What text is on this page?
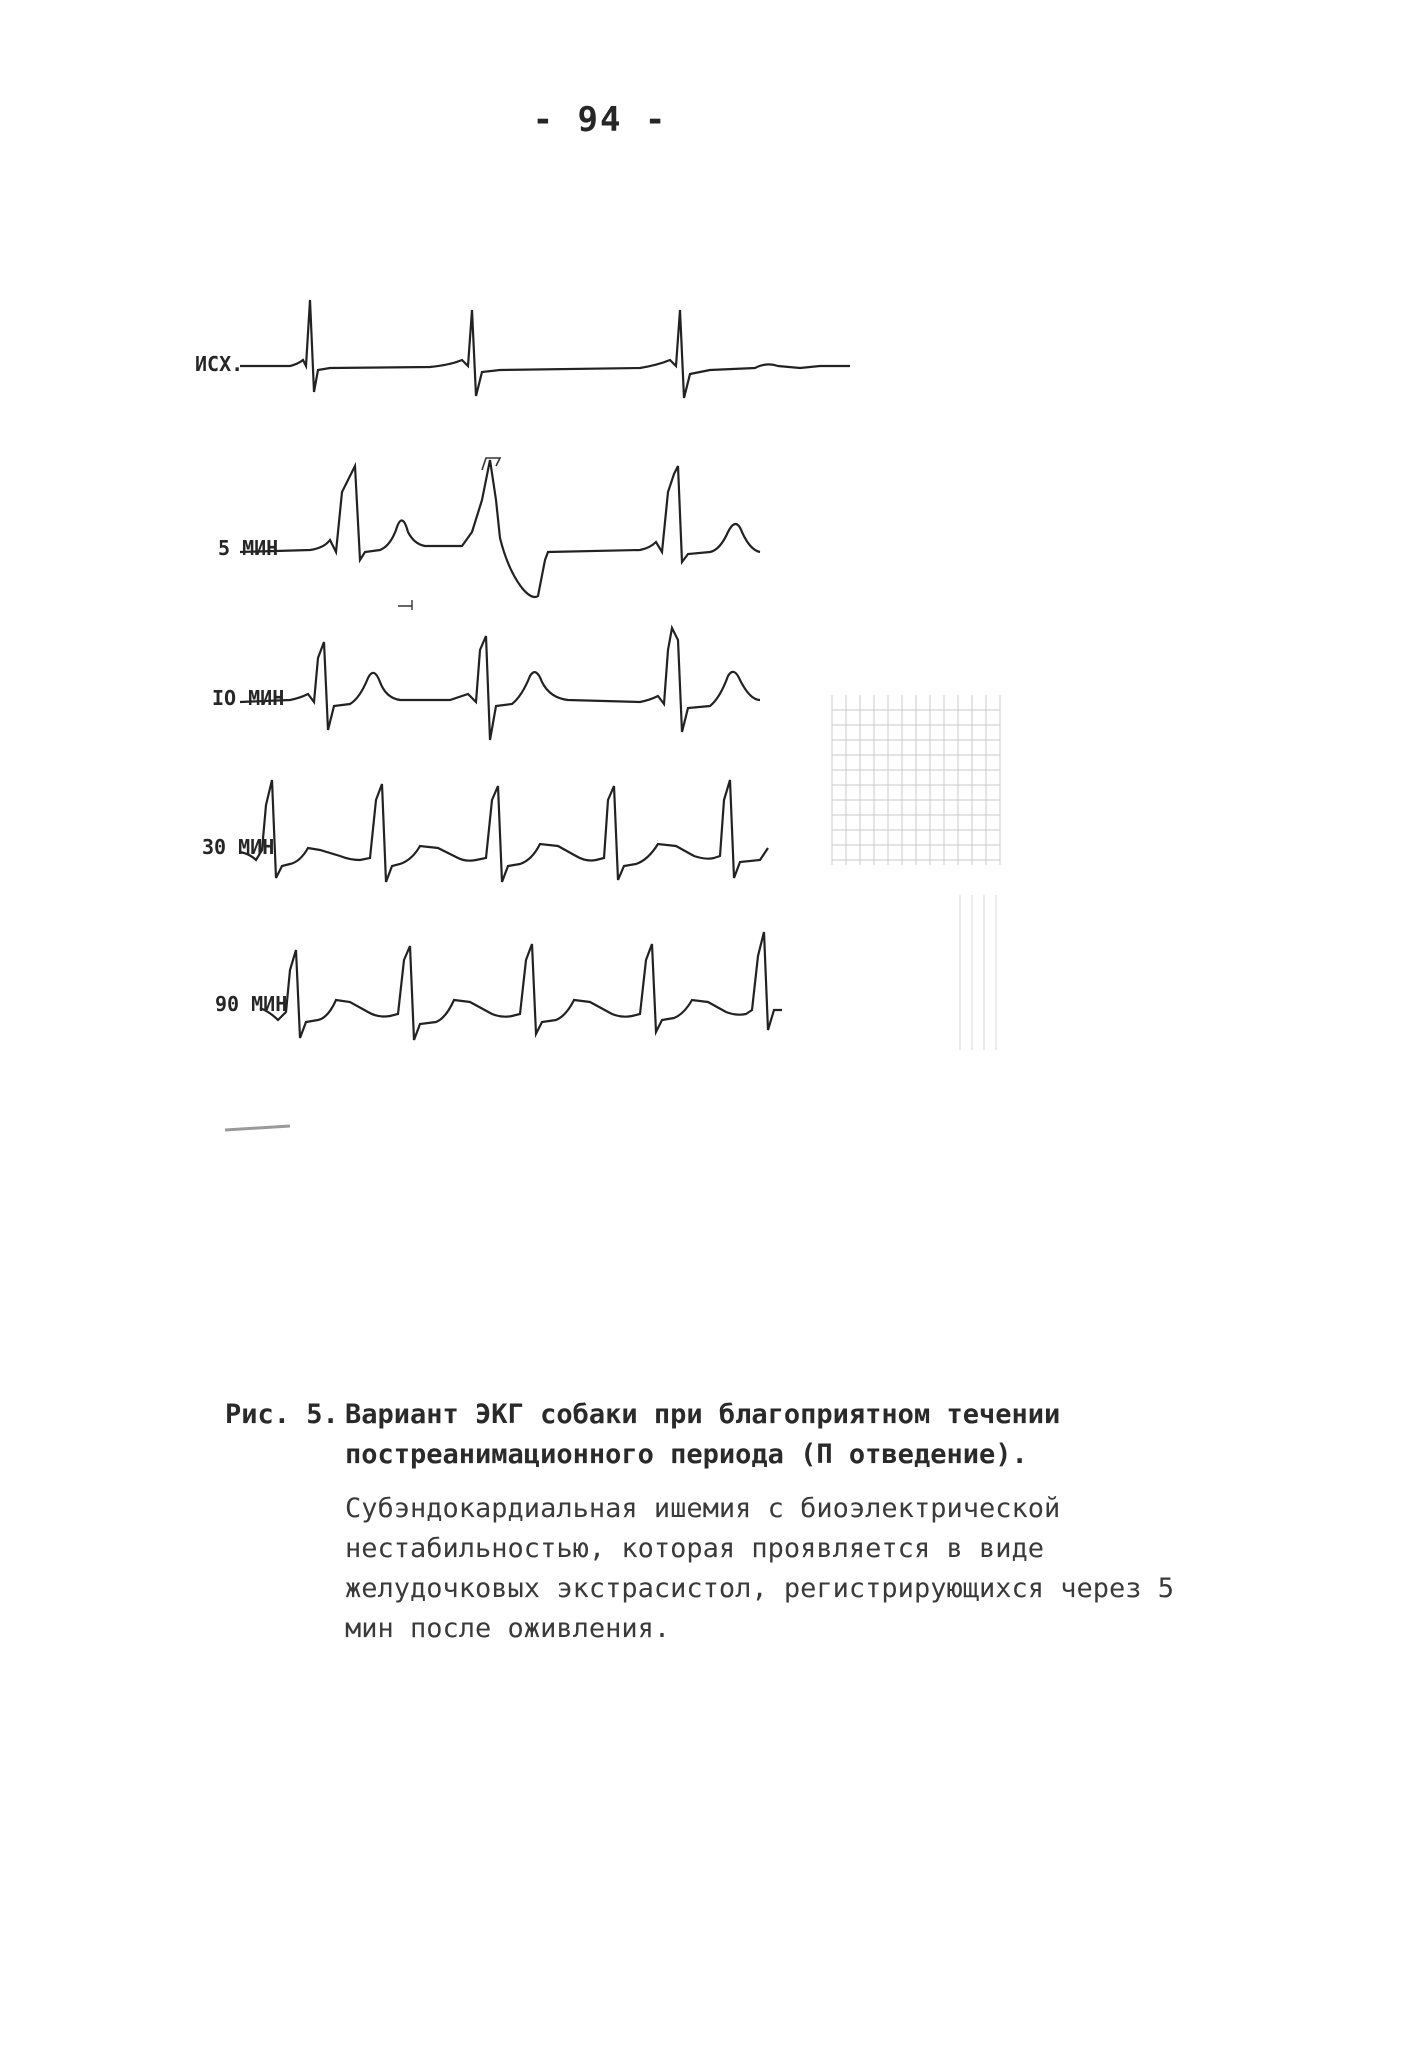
- 94 -
ИСХ.
5 МИН
IO МИН
30 МИН
90 МИН
Рис. 5. Вариант ЭКГ собаки при благоприятном течении постреанимационного периода (П отведение).
Субэндокардиальная ишемия с биоэлектрической нестабильностью, которая проявляется в виде желудочковых экстрасистол, регистрирующихся через 5 мин после оживления.
